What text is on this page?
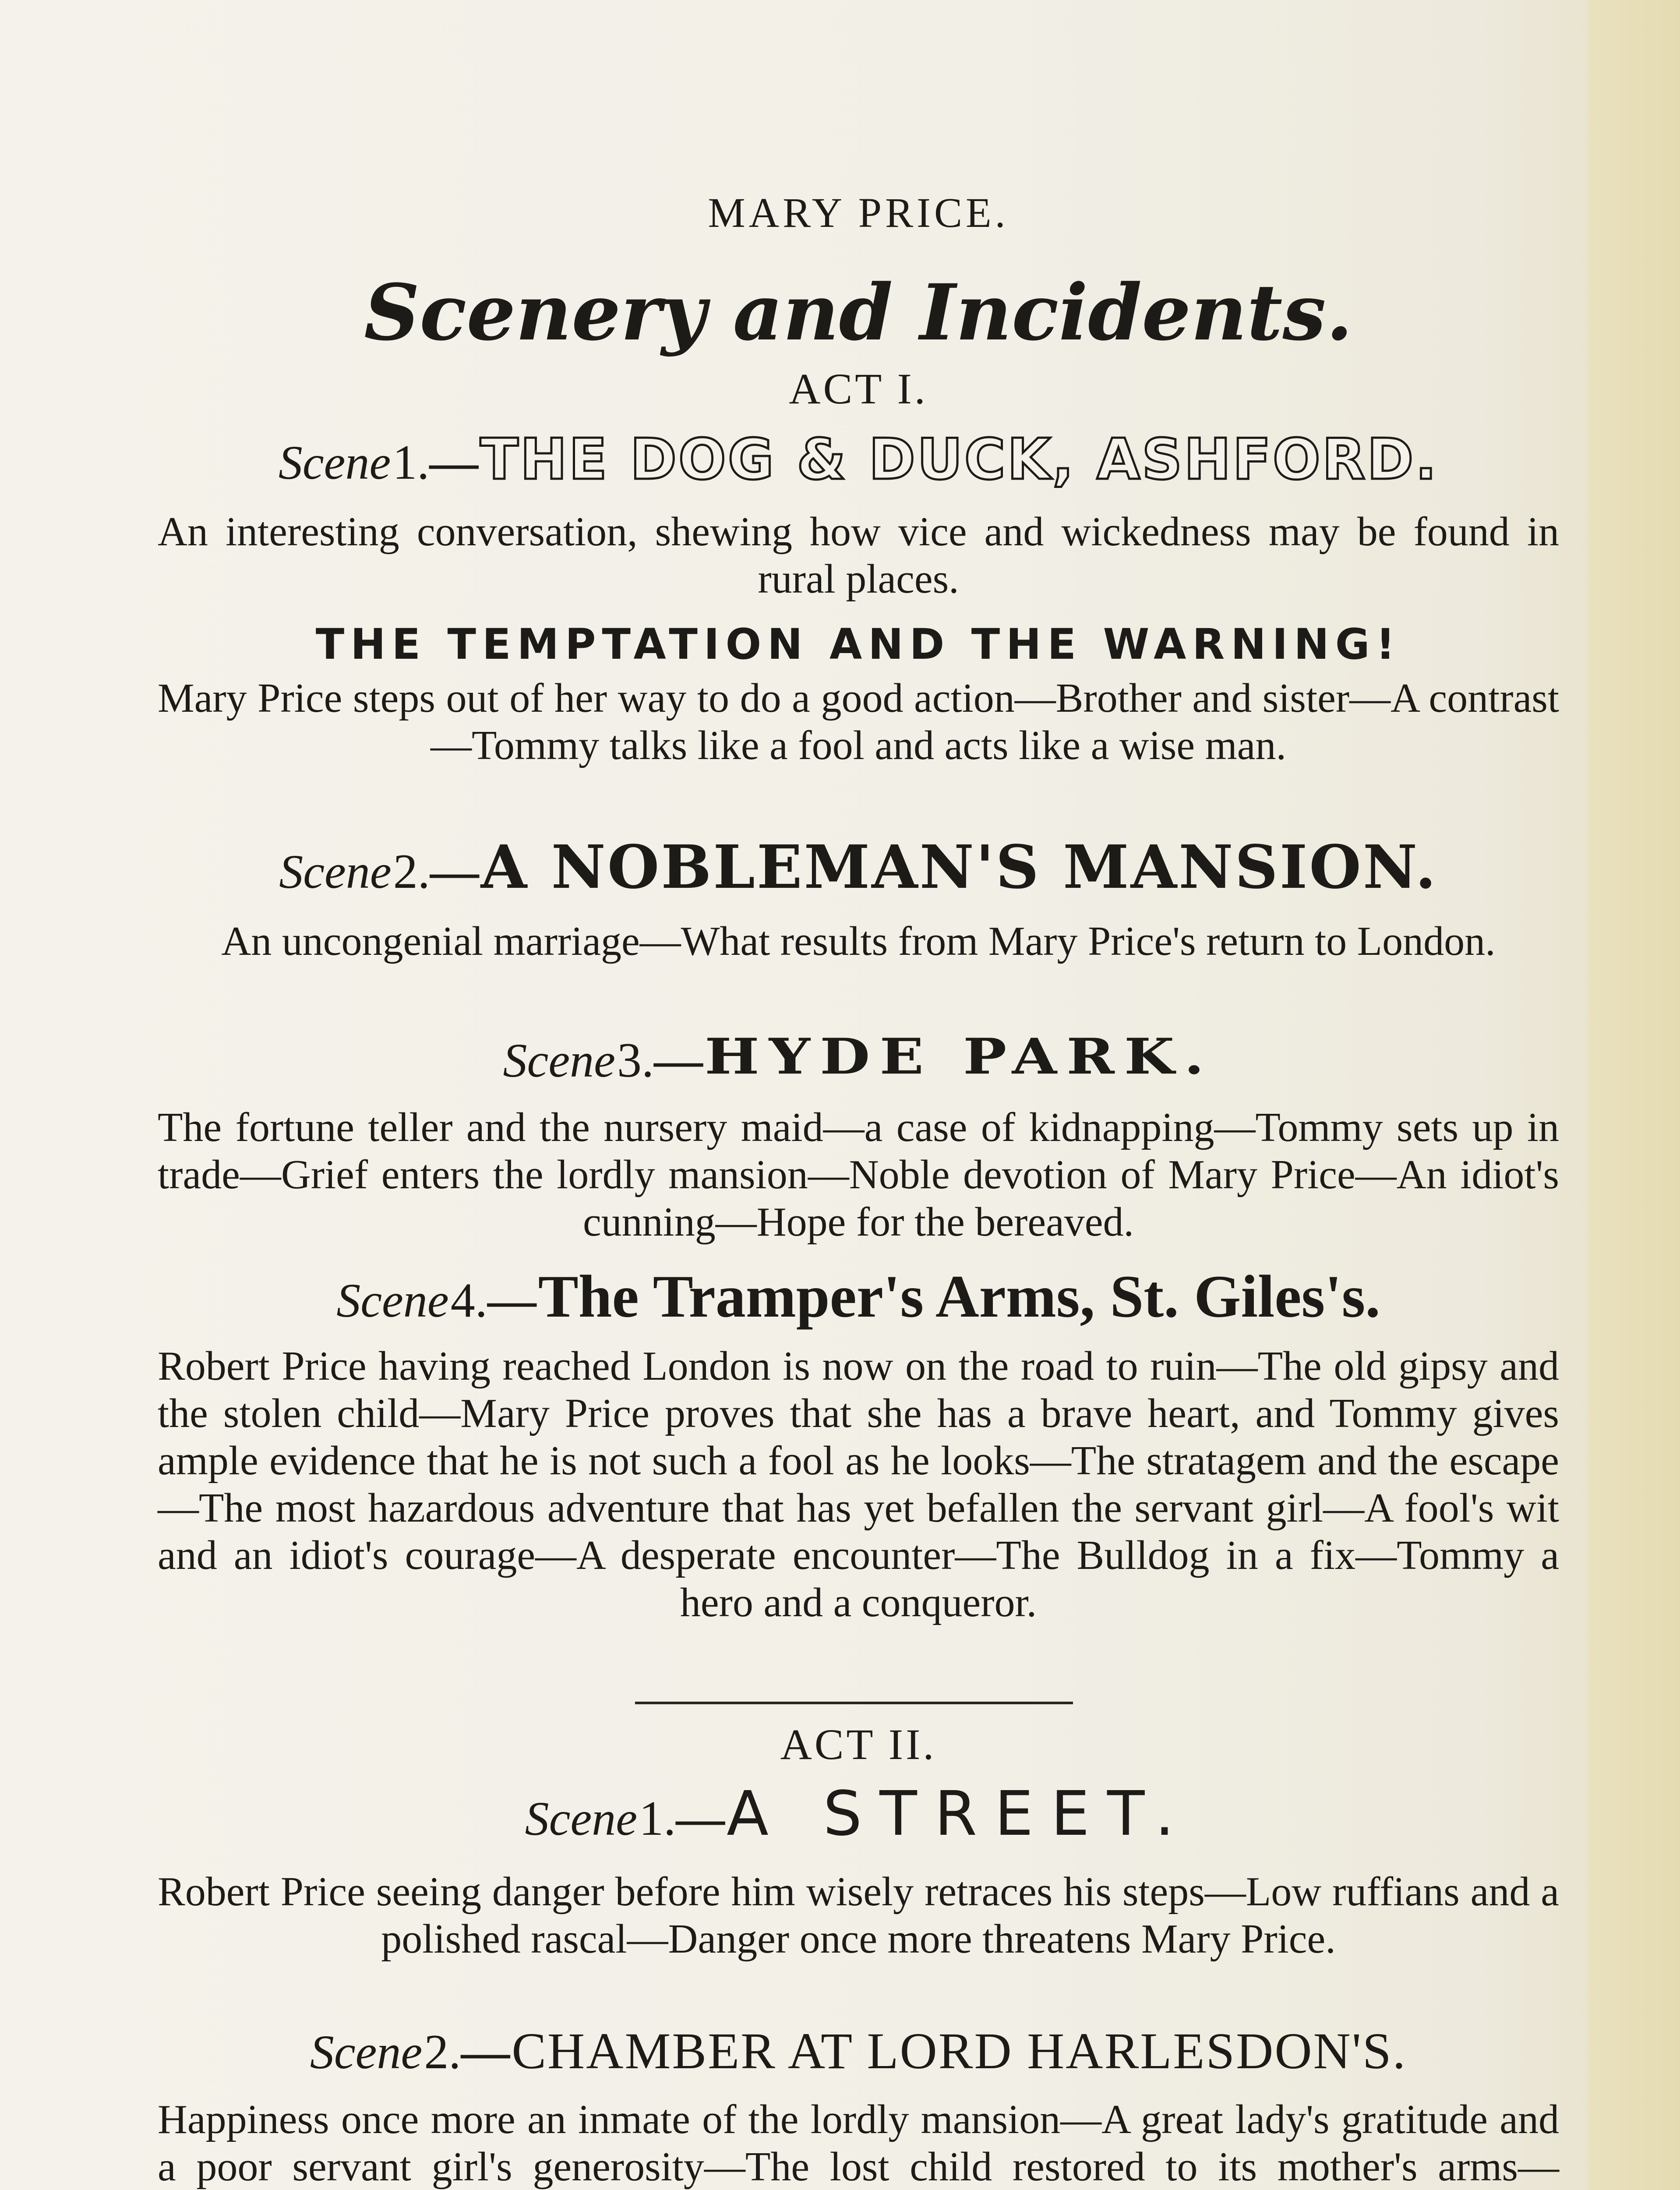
MARY PRICE.
Scenery and Incidents.
ACT I.
Scene 1.— THE DOG & DUCK, ASHFORD.
An interesting conversation, shewing how vice and wickedness may be found in rural places.
THE TEMPTATION AND THE WARNING!
Mary Price steps out of her way to do a good action—Brother and sister—A contrast—Tommy talks like a fool and acts like a wise man.
Scene 2.— A NOBLEMAN'S MANSION.
An uncongenial marriage—What results from Mary Price's return to London.
Scene 3.— HYDE PARK.
The fortune teller and the nursery maid—a case of kidnapping—Tommy sets up in trade—Grief enters the lordly mansion—Noble devotion of Mary Price—An idiot's cunning—Hope for the bereaved.
Scene 4.— The Tramper's Arms, St. Giles's.
Robert Price having reached London is now on the road to ruin—The old gipsy and the stolen child—Mary Price proves that she has a brave heart, and Tommy gives ample evidence that he is not such a fool as he looks—The stratagem and the escape—The most hazardous adventure that has yet befallen the servant girl—A fool's wit and an idiot's courage—A desperate encounter—The Bulldog in a fix—Tommy a hero and a conqueror.
ACT II.
Scene 1.— A STREET.
Robert Price seeing danger before him wisely retraces his steps—Low ruffians and a polished rascal—Danger once more threatens Mary Price.
Scene 2.— CHAMBER AT LORD HARLESDON'S.
Happiness once more an inmate of the lordly mansion—A great lady's gratitude and a poor servant girl's generosity—The lost child restored to its mother's arms—
